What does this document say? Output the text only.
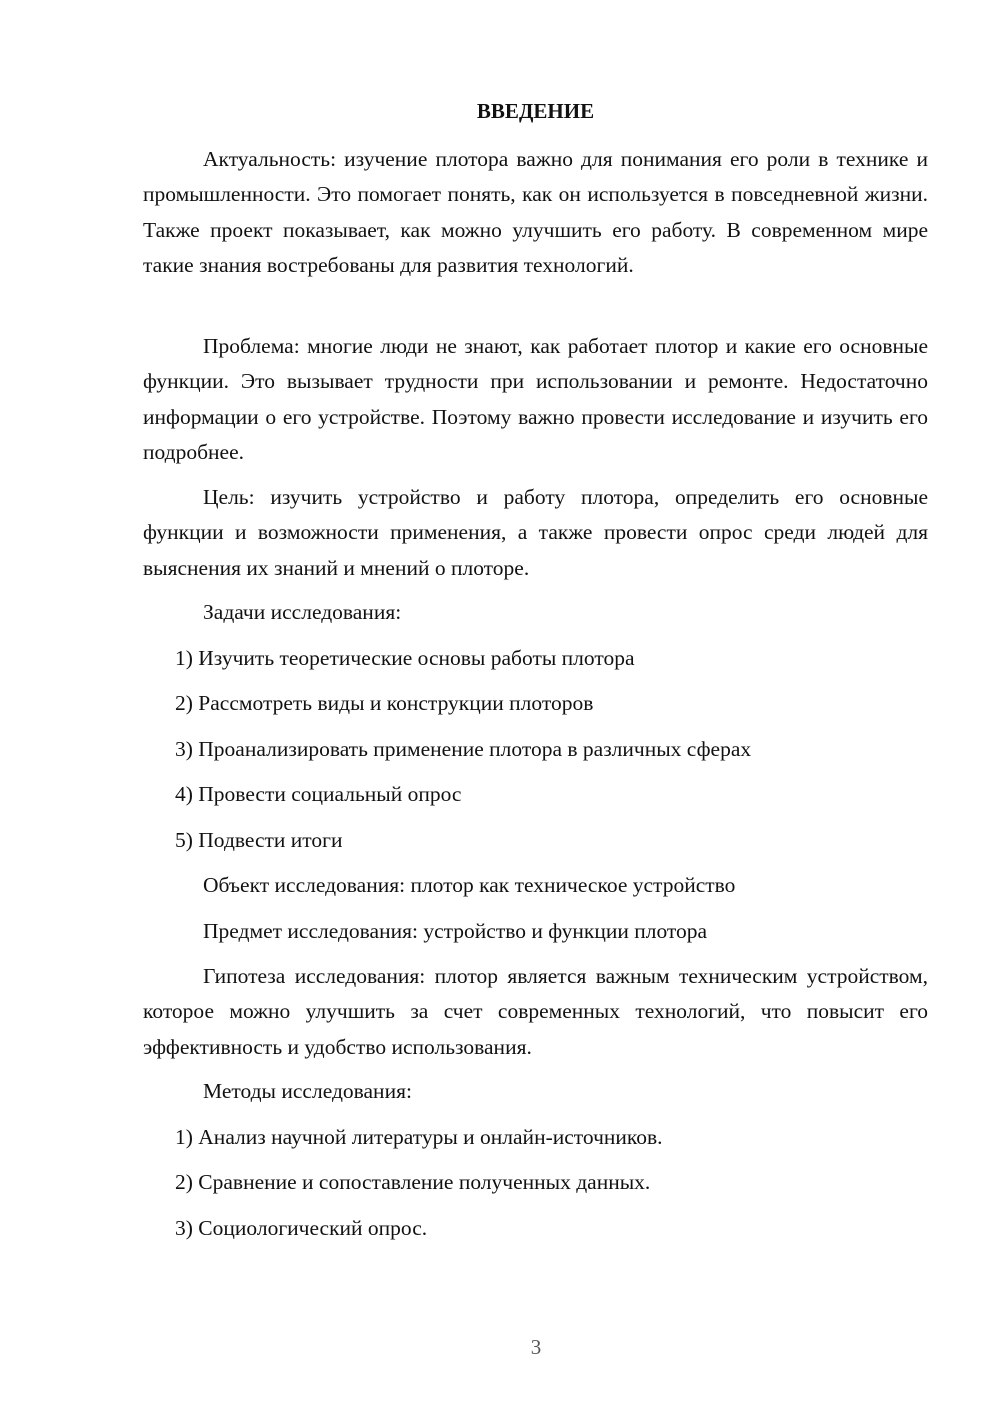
ВВЕДЕНИЕ

Актуальность: изучение плотора важно для понимания его роли в технике и промышленности. Это помогает понять, как он используется в повседневной жизни. Также проект показывает, как можно улучшить его работу. В современном мире такие знания востребованы для развития технологий.

Проблема: многие люди не знают, как работает плотор и какие его основные функции. Это вызывает трудности при использовании и ремонте. Недостаточно информации о его устройстве. Поэтому важно провести исследование и изучить его подробнее.

Цель: изучить устройство и работу плотора, определить его основные функции и возможности применения, а также провести опрос среди людей для выяснения их знаний и мнений о плоторе.

Задачи исследования:
1) Изучить теоретические основы работы плотора
2) Рассмотреть виды и конструкции плоторов
3) Проанализировать применение плотора в различных сферах
4) Провести социальный опрос
5) Подвести итоги
Объект исследования: плотор как техническое устройство
Предмет исследования: устройство и функции плотора

Гипотеза исследования: плотор является важным техническим устройством, которое можно улучшить за счет современных технологий, что повысит его эффективность и удобство использования.

Методы исследования:
1) Анализ научной литературы и онлайн-источников.
2) Сравнение и сопоставление полученных данных.
3) Социологический опрос.
3
